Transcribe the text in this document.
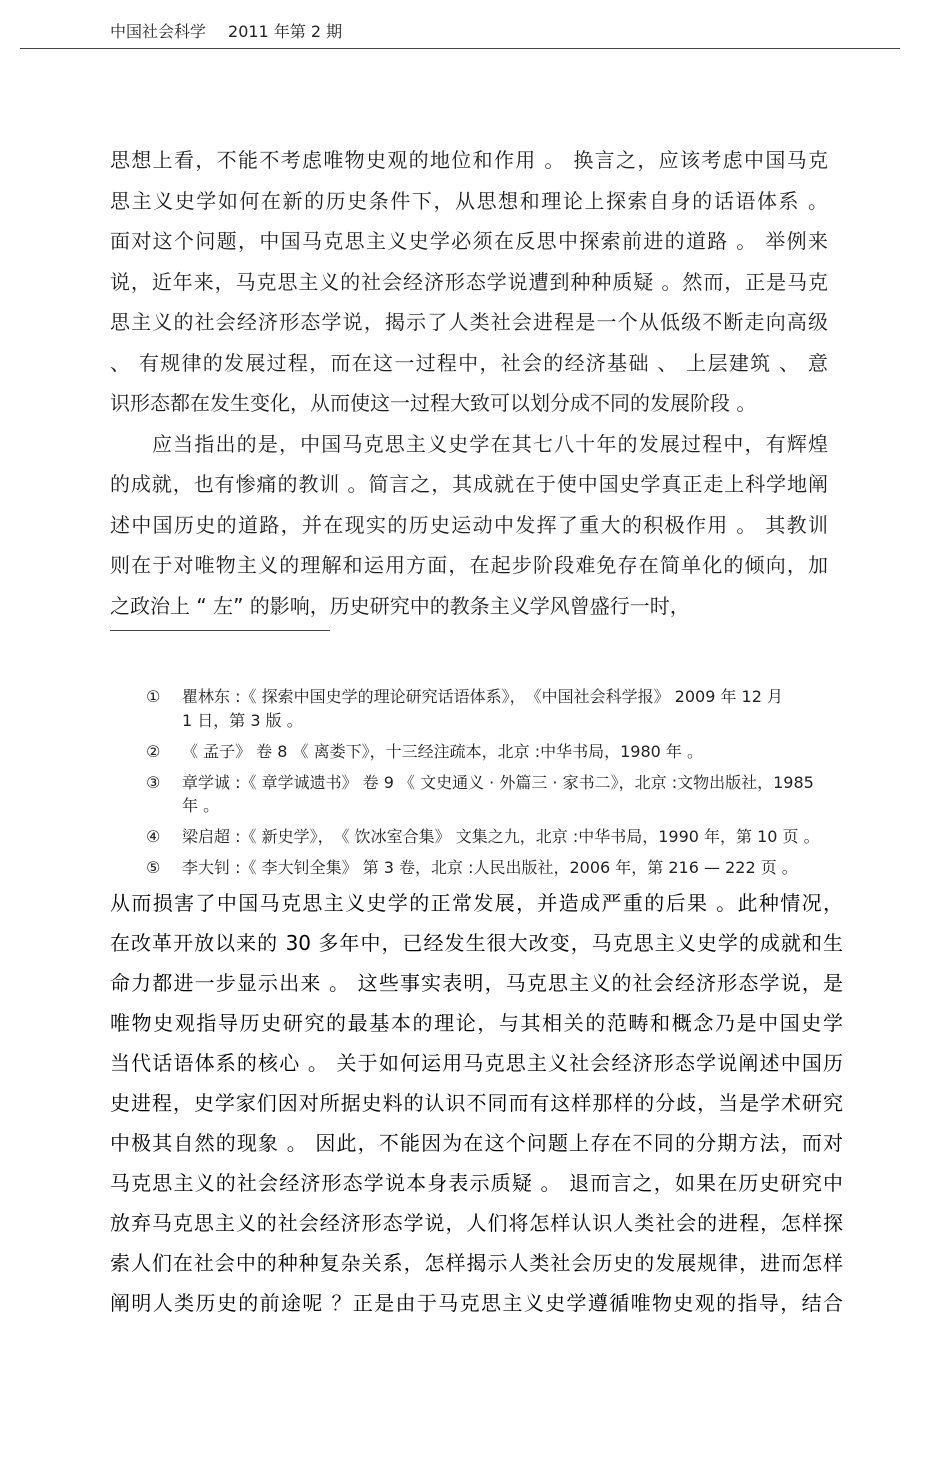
中国社会科学 2011 年第 2 期
思想上看，不能不考虑唯物史观的地位和作用 。 换言之，应该考虑中国马克
思主义史学如何在新的历史条件下，从思想和理论上探索自身的话语体系 。
面对这个问题，中国马克思主义史学必须在反思中探索前进的道路 。 举例来
说，近年来，马克思主义的社会经济形态学说遭到种种质疑 。然而，正是马克
思主义的社会经济形态学说，揭示了人类社会进程是一个从低级不断走向高级
、 有规律的发展过程，而在这一过程中，社会的经济基础 、 上层建筑 、 意
识形态都在发生变化，从而使这一过程大致可以划分成不同的发展阶段 。
应当指出的是，中国马克思主义史学在其七八十年的发展过程中，有辉煌
的成就，也有惨痛的教训 。简言之，其成就在于使中国史学真正走上科学地阐
述中国历史的道路，并在现实的历史运动中发挥了重大的积极作用 。 其教训
则在于对唯物主义的理解和运用方面，在起步阶段难免存在简单化的倾向，加
之政治上 “ 左” 的影响，历史研究中的教条主义学风曾盛行一时，
①	瞿林东 :《 探索中国史学的理论研究话语体系》，　《中国社会科学报》 2009 年 12 月
1 日，第 3 版 。
②	《 孟子》 卷 8 《 离娄下》，十三经注疏本，北京 :中华书局，1980 年 。
③	章学诚 :《 章学诚遗书》 卷 9 《 文史通义 · 外篇三 · 家书二》，北京 :文物出版社，1985
年 。
④	梁启超 :《 新史学》，　《 饮冰室合集》 文集之九，北京 :中华书局，1990 年，第 10 页 。
⑤	李大钊 :《 李大钊全集》 第 3 卷，北京 :人民出版社，2006 年，第 216 — 222 页 。
从而损害了中国马克思主义史学的正常发展，并造成严重的后果 。此种情况，
在改革开放以来的 30 多年中，已经发生很大改变，马克思主义史学的成就和生
命力都进一步显示出来 。 这些事实表明，马克思主义的社会经济形态学说，是
唯物史观指导历史研究的最基本的理论，与其相关的范畴和概念乃是中国史学
当代话语体系的核心 。 关于如何运用马克思主义社会经济形态学说阐述中国历
史进程，史学家们因对所据史料的认识不同而有这样那样的分歧，当是学术研究
中极其自然的现象 。 因此，不能因为在这个问题上存在不同的分期方法，而对
马克思主义的社会经济形态学说本身表示质疑 。 退而言之，如果在历史研究中
放弃马克思主义的社会经济形态学说，人们将怎样认识人类社会的进程，怎样探
索人们在社会中的种种复杂关系，怎样揭示人类社会历史的发展规律，进而怎样
阐明人类历史的前途呢 ？正是由于马克思主义史学遵循唯物史观的指导，结合
